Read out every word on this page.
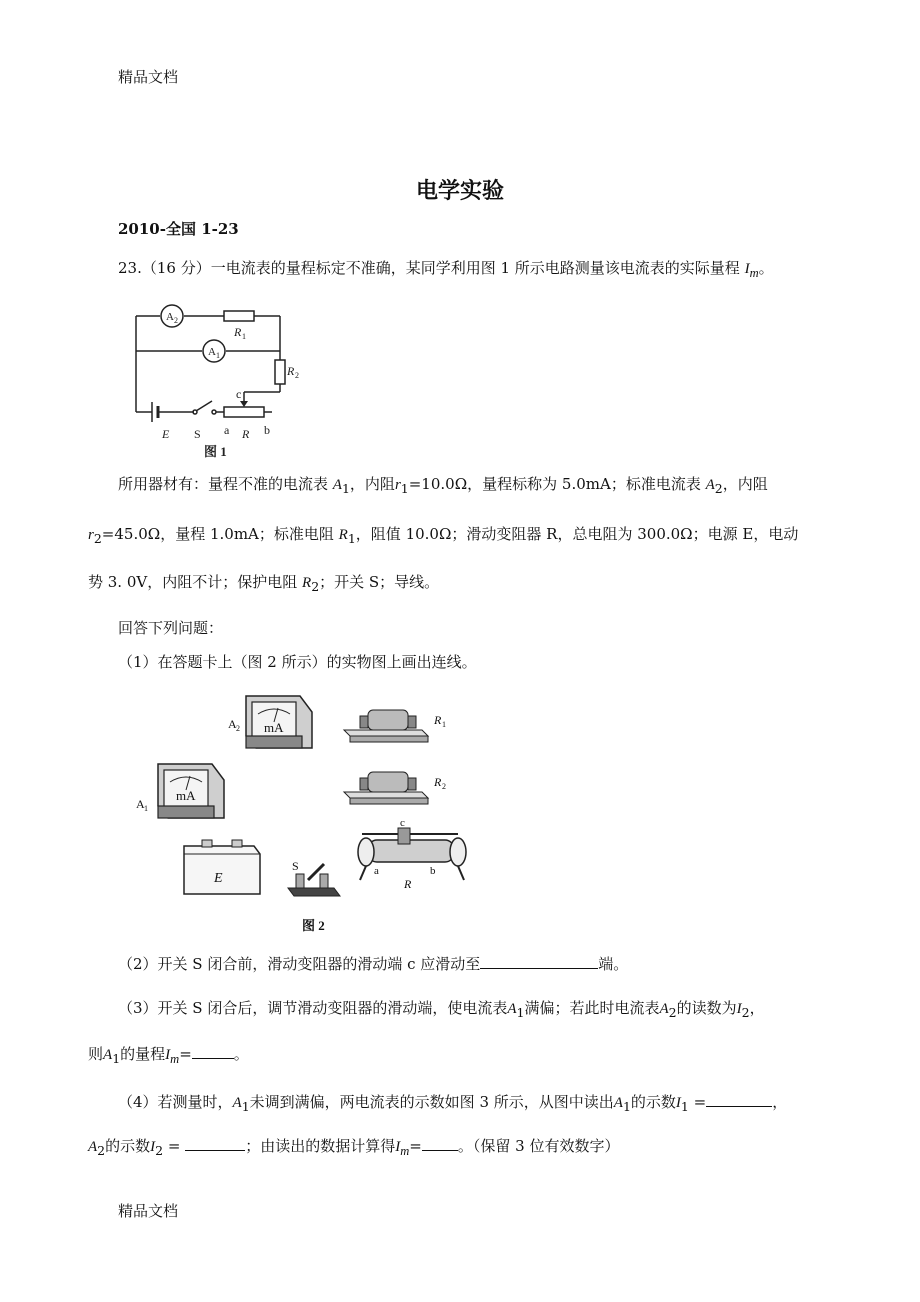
精品文档
电学实验
2010-全国 1-23
23.（16 分）一电流表的量程标定不准确，某同学利用图 1 所示电路测量该电流表的实际量程 $I_m$。
A 2
A 1
R 1
R 2
c
E S a R b
图 1
所用器材有：量程不准的电流表 $A_1$，内阻$r_1=10.0\Omega$，量程标称为 5.0mA；标准电流表 $A_2$，内阻
$r_2=45.0\Omega$，量程 1.0mA；标准电阻 $R_1$，阻值 10.0Ω；滑动变阻器 R，总电阻为 300.0Ω；电源 E，电动
势 3. 0V，内阻不计；保护电阻 $R_2$；开关 S；导线。
回答下列问题：
（1）在答题卡上（图 2 所示）的实物图上画出连线。
mA
A 2
mA
A 1
E
S
R 1
R 2
c
a	b
R
图 2
（2）开关 S 闭合前，滑动变阻器的滑动端 c 应滑动至	端。
（3）开关 S 闭合后，调节滑动变阻器的滑动端，使电流表$A_1$满偏；若此时电流表$A_2$的读数为$I_2$，
则$A_1$的量程$I_m=$	。
（4）若测量时，$A_1$未调到满偏，两电流表的示数如图 3 所示，从图中读出$A_1$的示数$I_1$ =	，
$A_2$的示数$I_2$ =	；由读出的数据计算得$I_m=$ 。（保留 3 位有效数字）
精品文档
